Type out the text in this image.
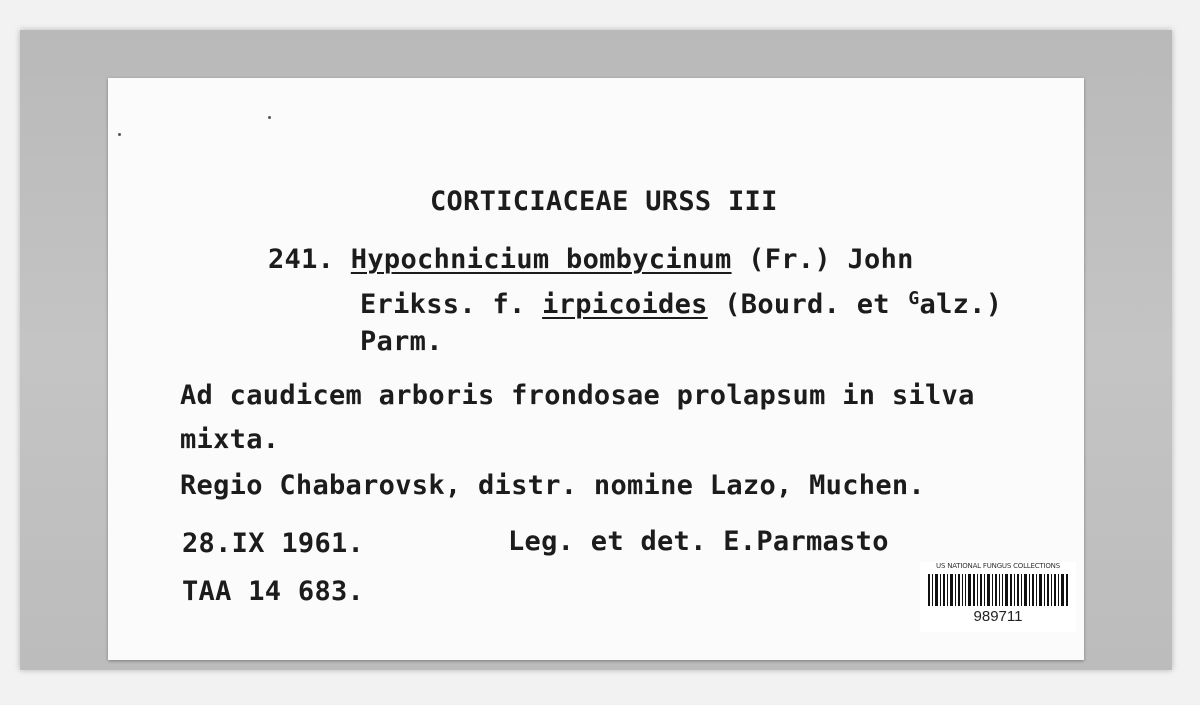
CORTICIACEAE URSS III
241. Hypochnicium bombycinum (Fr.) John
Erikss. f. irpicoides (Bourd. et $^G$alz.)
Parm.
Ad caudicem arboris frondosae prolapsum in silva
mixta.
Regio Chabarovsk, distr. nomine Lazo, Muchen.
28.IX 1961.	Leg. et det. E.Parmasto
TAA 14 683.
US NATIONAL FUNGUS COLLECTIONS
989711
